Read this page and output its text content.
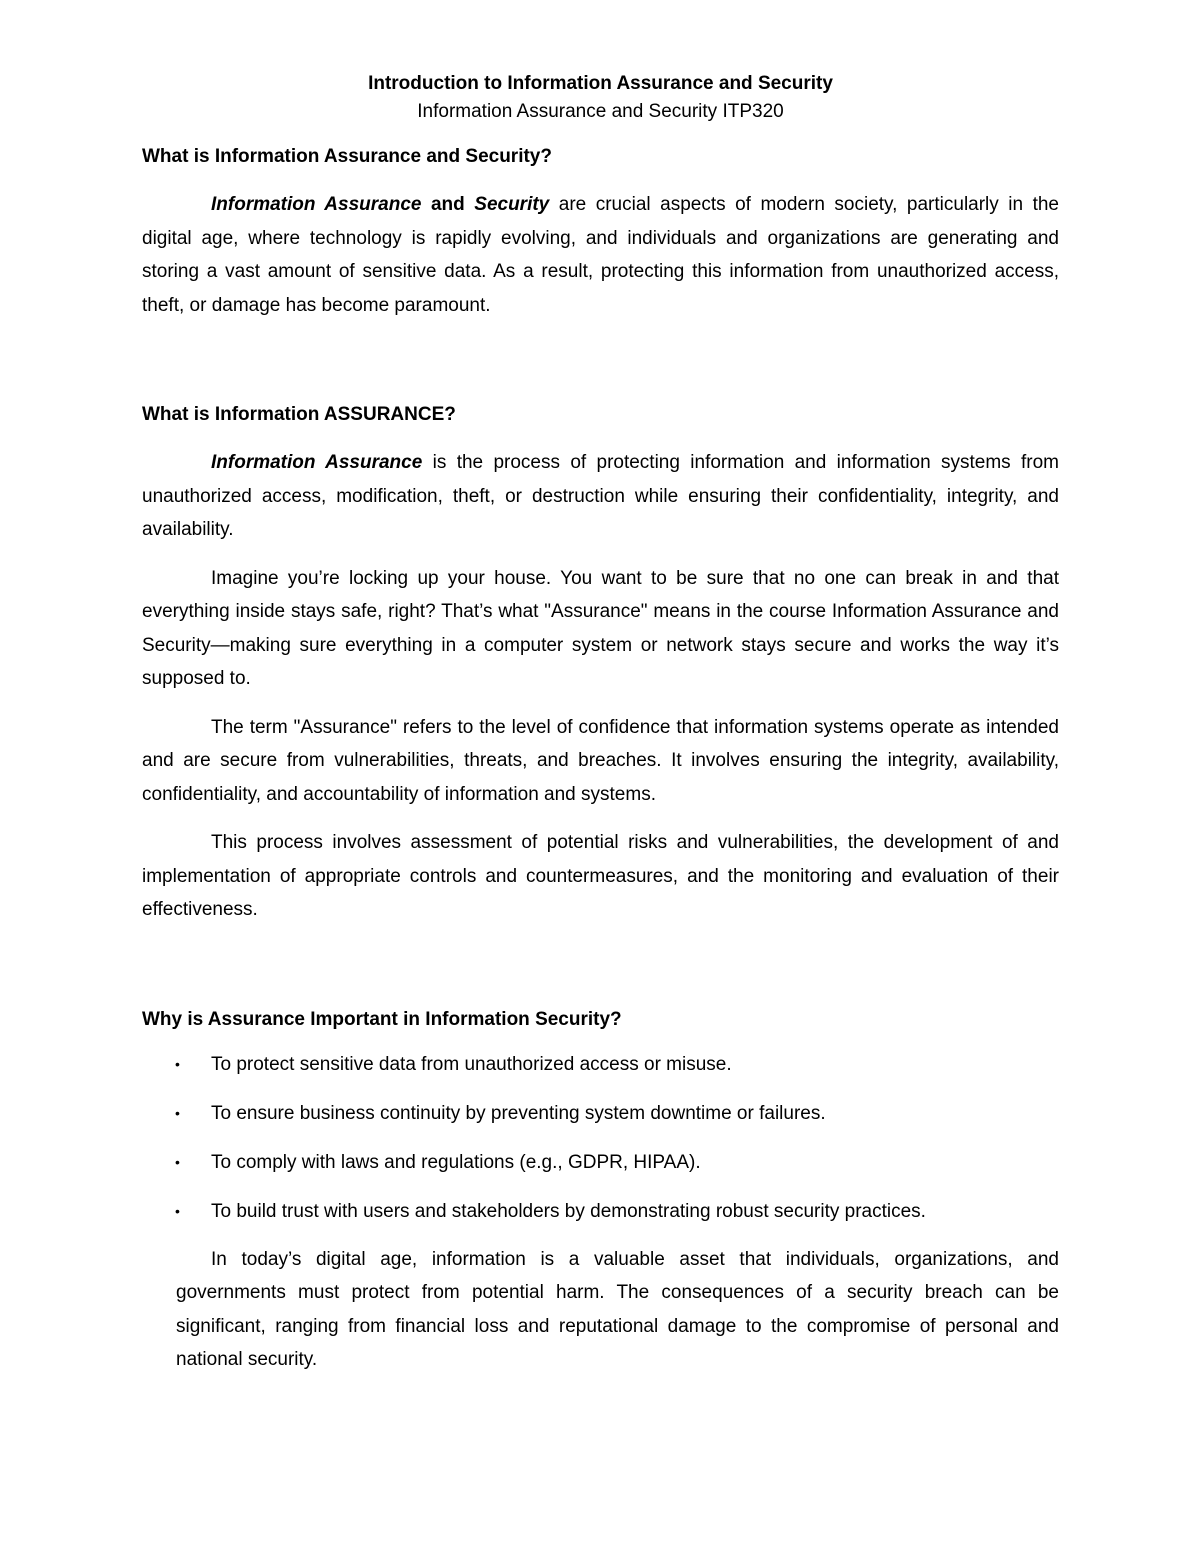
Introduction to Information Assurance and Security

Information Assurance and Security ITP320

What is Information Assurance and Security?

Information Assurance and Security are crucial aspects of modern society, particularly in the digital age, where technology is rapidly evolving, and individuals and organizations are generating and storing a vast amount of sensitive data. As a result, protecting this information from unauthorized access, theft, or damage has become paramount.

What is Information ASSURANCE?

Information Assurance is the process of protecting information and information systems from unauthorized access, modification, theft, or destruction while ensuring their confidentiality, integrity, and availability.

Imagine you’re locking up your house. You want to be sure that no one can break in and that everything inside stays safe, right? That’s what "Assurance" means in the course Information Assurance and Security—making sure everything in a computer system or network stays secure and works the way it’s supposed to.

The term "Assurance" refers to the level of confidence that information systems operate as intended and are secure from vulnerabilities, threats, and breaches. It involves ensuring the integrity, availability, confidentiality, and accountability of information and systems.

This process involves assessment of potential risks and vulnerabilities, the development of and implementation of appropriate controls and countermeasures, and the monitoring and evaluation of their effectiveness.

Why is Assurance Important in Information Security?
• To protect sensitive data from unauthorized access or misuse.
• To ensure business continuity by preventing system downtime or failures.
• To comply with laws and regulations (e.g., GDPR, HIPAA).
• To build trust with users and stakeholders by demonstrating robust security practices.

In today’s digital age, information is a valuable asset that individuals, organizations, and governments must protect from potential harm. The consequences of a security breach can be significant, ranging from financial loss and reputational damage to the compromise of personal and national security.
